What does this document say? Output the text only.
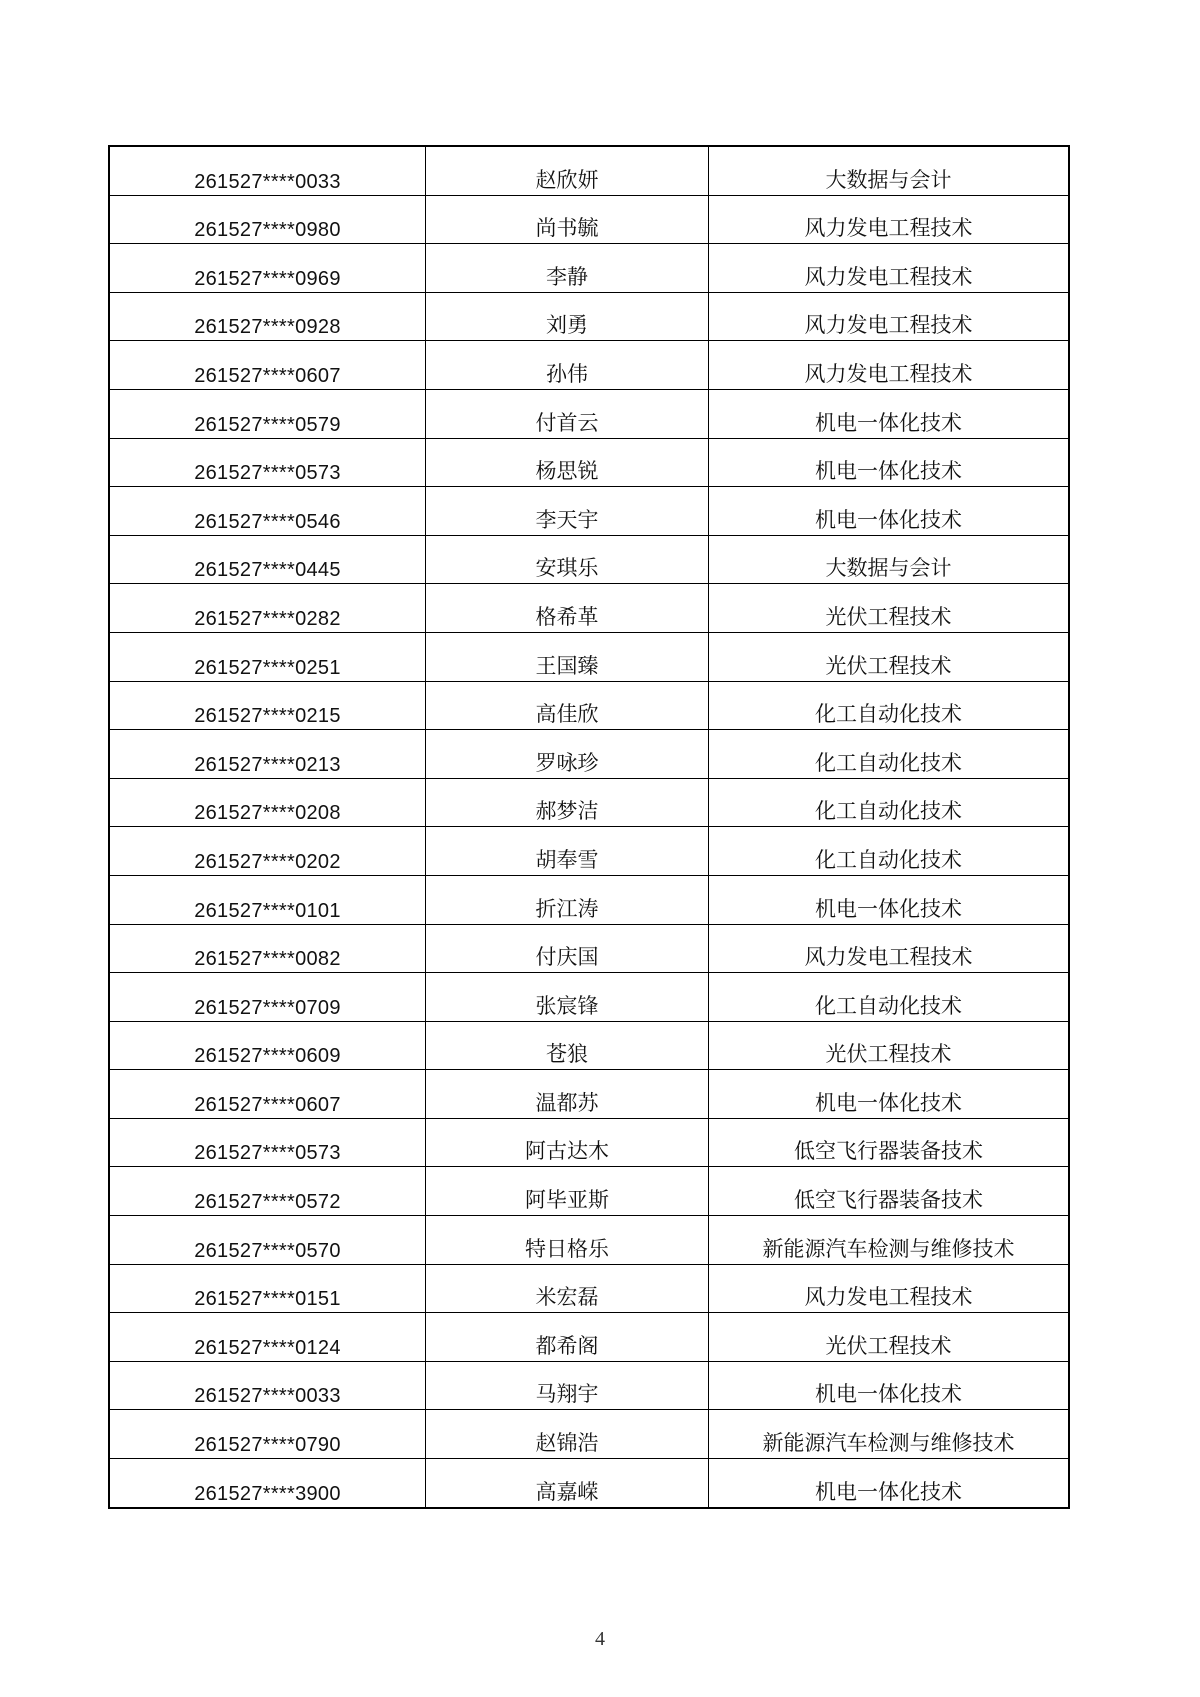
261527****0033	赵欣妍	大数据与会计
261527****0980	尚书毓	风力发电工程技术
261527****0969	李静	风力发电工程技术
261527****0928	刘勇	风力发电工程技术
261527****0607	孙伟	风力发电工程技术
261527****0579	付首云	机电一体化技术
261527****0573	杨思锐	机电一体化技术
261527****0546	李天宇	机电一体化技术
261527****0445	安琪乐	大数据与会计
261527****0282	格希革	光伏工程技术
261527****0251	王国臻	光伏工程技术
261527****0215	高佳欣	化工自动化技术
261527****0213	罗咏珍	化工自动化技术
261527****0208	郝梦洁	化工自动化技术
261527****0202	胡奉雪	化工自动化技术
261527****0101	折江涛	机电一体化技术
261527****0082	付庆国	风力发电工程技术
261527****0709	张宸锋	化工自动化技术
261527****0609	苍狼	光伏工程技术
261527****0607	温都苏	机电一体化技术
261527****0573	阿古达木	低空飞行器装备技术
261527****0572	阿毕亚斯	低空飞行器装备技术
261527****0570	特日格乐	新能源汽车检测与维修技术
261527****0151	米宏磊	风力发电工程技术
261527****0124	都希阁	光伏工程技术
261527****0033	马翔宇	机电一体化技术
261527****0790	赵锦浩	新能源汽车检测与维修技术
261527****3900	高嘉嵘	机电一体化技术
4
